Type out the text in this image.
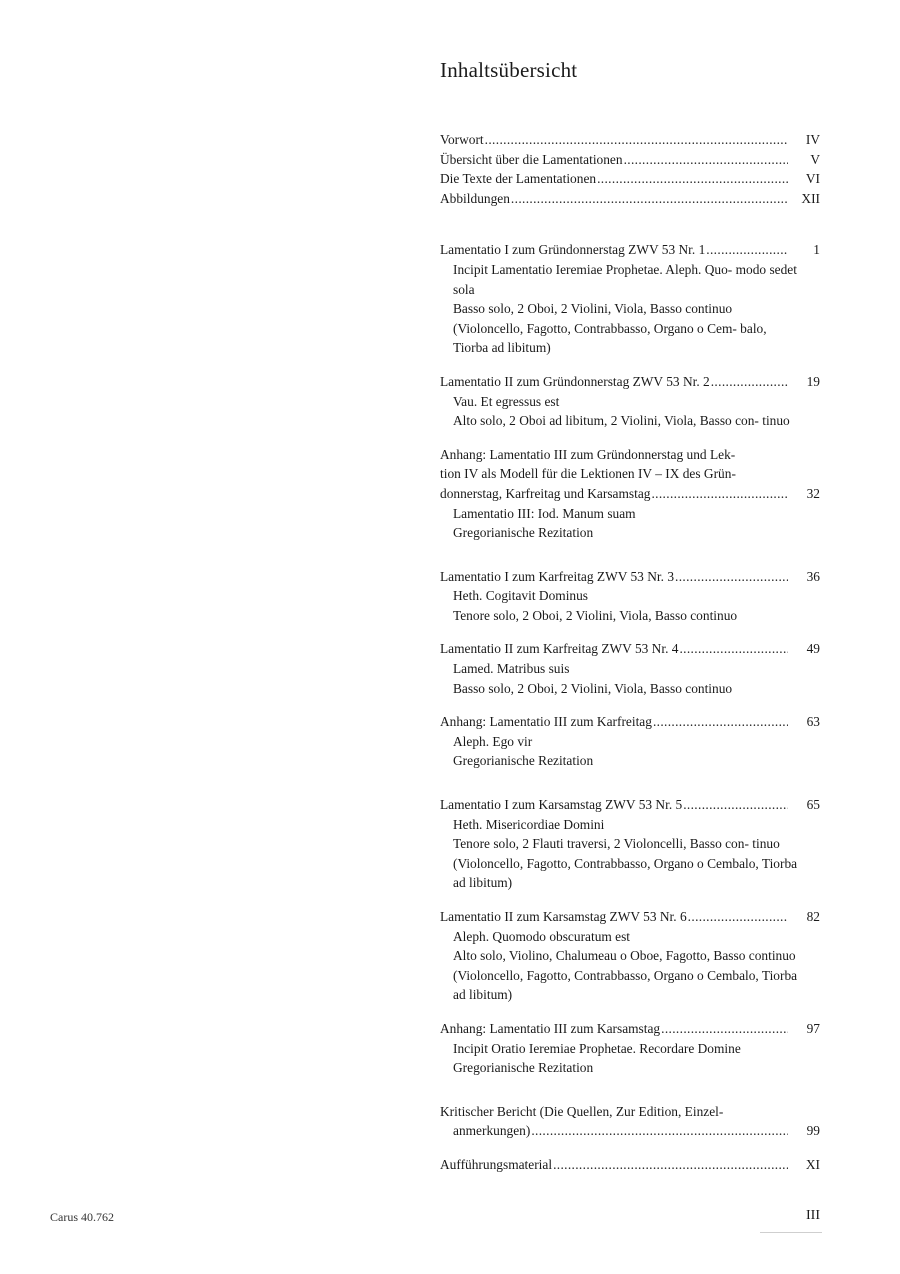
Inhaltsübersicht
Vorwort . . .	IV
Übersicht über die Lamentationen . . .	V
Die Texte der Lamentationen . . .	VI
Abbildungen . . .	XII
Lamentatio I zum Gründonnerstag ZWV 53 Nr. 1 . . .	1
Incipit Lamentatio Ieremiae Prophetae. Aleph. Quo- modo sedet sola
Basso solo, 2 Oboi, 2 Violini, Viola, Basso continuo (Violoncello, Fagotto, Contrabbasso, Organo o Cem- balo, Tiorba ad libitum)
Lamentatio II zum Gründonnerstag ZWV 53 Nr. 2 . . .	19
Vau. Et egressus est
Alto solo, 2 Oboi ad libitum, 2 Violini, Viola, Basso con- tinuo
Anhang: Lamentatio III zum Gründonnerstag und Lek-
tion IV als Modell für die Lektionen IV – IX des Grün-
donnerstag, Karfreitag und Karsamstag . . .	32
Lamentatio III: Iod. Manum suam
Gregorianische Rezitation
Lamentatio I zum Karfreitag ZWV 53 Nr. 3 . . .	36
Heth. Cogitavit Dominus
Tenore solo, 2 Oboi, 2 Violini, Viola, Basso continuo
Lamentatio II zum Karfreitag ZWV 53 Nr. 4 . . .	49
Lamed. Matribus suis
Basso solo, 2 Oboi, 2 Violini, Viola, Basso continuo
Anhang: Lamentatio III zum Karfreitag . . .	63
Aleph. Ego vir
Gregorianische Rezitation
Lamentatio I zum Karsamstag ZWV 53 Nr. 5 . . .	65
Heth. Misericordiae Domini
Tenore solo, 2 Flauti traversi, 2 Violoncelli, Basso con- tinuo (Violoncello, Fagotto, Contrabbasso, Organo o Cembalo, Tiorba ad libitum)
Lamentatio II zum Karsamstag ZWV 53 Nr. 6 . . .	82
Aleph. Quomodo obscuratum est
Alto solo, Violino, Chalumeau o Oboe, Fagotto, Basso continuo (Violoncello, Fagotto, Contrabbasso, Organo o Cembalo, Tiorba ad libitum)
Anhang: Lamentatio III zum Karsamstag . . .	97
Incipit Oratio Ieremiae Prophetae. Recordare Domine
Gregorianische Rezitation
Kritischer Bericht (Die Quellen, Zur Edition, Einzel-
anmerkungen) . . .	99
Aufführungsmaterial . . .	XI
Carus 40.762	III
